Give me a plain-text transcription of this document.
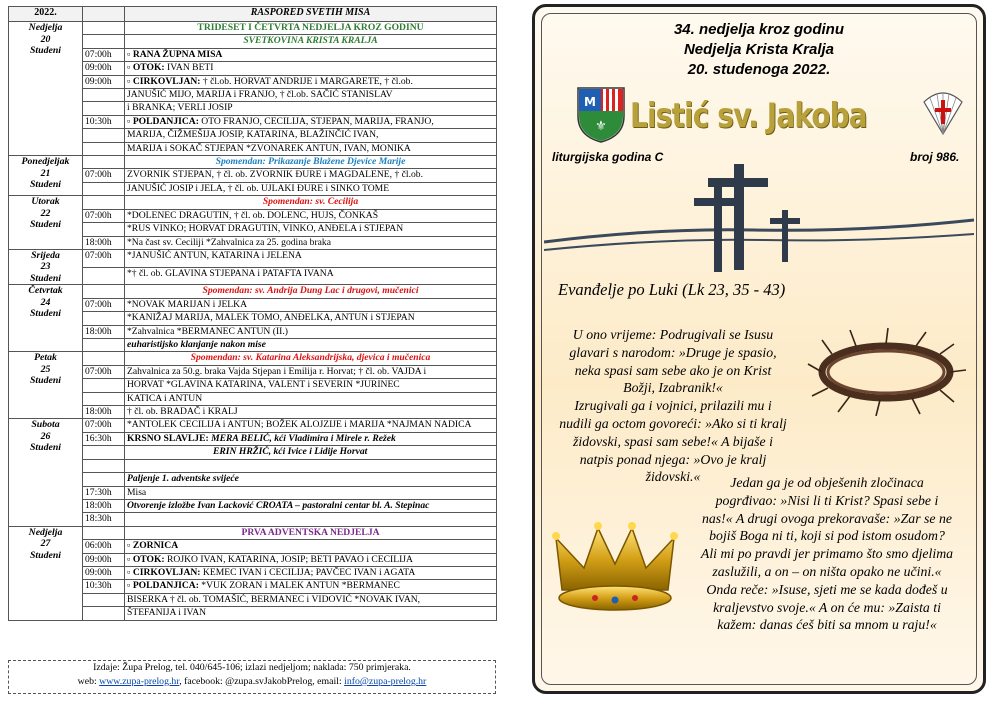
2022.		RASPORED SVETIH MISA

Nedjelja
20
Studeni		TRIDESET I ČETVRTA NEDJELJA KROZ GODINU
		SVETKOVINA KRISTA KRALJA
	07:00h	▫ RANA ŽUPNA MISA
	09:00h	▫ OTOK: IVAN BETI
	09:00h	▫ CIRKOVLJAN: † čl.ob. HORVAT ANDRIJE i MARGARETE, † čl.ob.
		JANUŠIĆ MIJO, MARIJA i FRANJO, † čl.ob. SAČIĆ STANISLAV
		i BRANKA; VERLI JOSIP
	10:30h	▫ POLDANJICA: OTO FRANJO, CECILIJA, STJEPAN, MARIJA, FRANJO,
		MARIJA, ČIŽMEŠIJA JOSIP, KATARINA, BLAŽINČIĆ IVAN,
		MARIJA i SOKAČ STJEPAN *ZVONAREK ANTUN, IVAN, MONIKA

Ponedjeljak
21
Studeni		Spomendan: Prikazanje Blažene Djevice Marije
	07:00h	ZVORNIK STJEPAN, † čl. ob. ZVORNIK ĐURE i MAGDALENE, † čl.ob.
		JANUŠIĆ JOSIP i JELA, † čl. ob. UJLAKI ĐURE i SINKO TOME

Utorak
22
Studeni		Spomendan: sv. Cecilija
	07:00h	*DOLENEC DRAGUTIN, † čl. ob. DOLENC, HUJS, ČONKAŠ
		*RUS VINKO; HORVAT DRAGUTIN, VINKO, ANĐELA i STJEPAN
	18:00h	*Na čast sv. Ceciliji *Zahvalnica za 25. godina braka

Srijeda
23
Studeni	07:00h	*JANUŠIĆ ANTUN, KATARINA i JELENA
		*† čl. ob. GLAVINA STJEPANA i PATAFTA IVANA

Četvrtak
24
Studeni		Spomendan: sv. Andrija Dung Lac i drugovi, mučenici
	07:00h	*NOVAK MARIJAN i JELKA
		*KANIŽAJ MARIJA, MALEK TOMO, ANĐELKA, ANTUN i STJEPAN
	18:00h	*Zahvalnica *BERMANEC ANTUN (II.)
		euharistijsko klanjanje nakon mise

Petak
25
Studeni		Spomendan: sv. Katarina Aleksandrijska, djevica i mučenica
	07:00h	Zahvalnica za 50.g. braka Vajda Stjepan i Emilija r. Horvat; † čl. ob. VAJDA i
		HORVAT *GLAVINA KATARINA, VALENT i SEVERIN *JURINEC
		KATICA i ANTUN
	18:00h	† čl. ob. BRADAČ i KRALJ

Subota
26
Studeni	07:00h	*ANTOLEK CECILIJA i ANTUN; BOŽEK ALOJZIJE i MARIJA *NAJMAN NADICA
	16:30h	KRSNO SLAVLJE: MERA BELIĆ, kći Vladimira i Mirele r. Režek
		ERIN HRŽIĆ, kći Ivice i Lidije Horvat

		Paljenje 1. adventske svijeće
	17:30h	Misa
	18:00h	Otvorenje izložbe Ivan Lacković CROATA – pastoralni centar bl. A. Stepinac
	18:30h	

Nedjelja
27
Studeni		PRVA ADVENTSKA NEDJELJA
	06:00h	▫ ZORNICA
	09:00h	▫ OTOK: ROJKO IVAN, KATARINA, JOSIP; BETI PAVAO i CECILIJA
	09:00h	▫ CIRKOVLJAN: KEMEC IVAN i CECILIJA; PAVČEC IVAN i AGATA
	10:30h	▫ POLDANJICA: *VUK ZORAN i MALEK ANTUN *BERMANEC
		BISERKA † čl. ob. TOMAŠIĆ, BERMANEC i VIDOVIĆ *NOVAK IVAN,
		ŠTEFANIJA i IVAN
Izdaje: Župa Prelog, tel. 040/645-106; izlazi nedjeljom; naklada: 750 primjeraka.
web: www.zupa-prelog.hr, facebook: @zupa.svJakobPrelog, email: info@zupa-prelog.hr
34. nedjelja kroz godinu
Nedjelja Krista Kralja
20. studenoga 2022.
M
⚜ Listić sv. Jakoba
liturgijska godina C	broj 986.
Evanđelje po Luki (Lk 23, 35 - 43)
U ono vrijeme: Podrugivali se Isusu
glavari s narodom: »Druge je spasio,
neka spasi sam sebe ako je on Krist
Božji, Izabranik!«
Izrugivali ga i vojnici, prilazili mu i
nudili ga octom govoreći: »Ako si ti kralj
židovski, spasi sam sebe!« A bijaše i
natpis ponad njega: »Ovo je kralj
židovski.«	Jedan ga je od obješenih zločinaca
pogrđivao: »Nisi li ti Krist? Spasi sebe i
nas!« A drugi ovoga prekoravaše: »Zar se ne
bojiš Boga ni ti, koji si pod istom osudom?
Ali mi po pravdi jer primamo što smo djelima
zaslužili, a on – on ništa opako ne učini.«
Onda reče: »Isuse, sjeti me se kada dođeš u
kraljevstvo svoje.« A on će mu: »Zaista ti
kažem: danas ćeš biti sa mnom u raju!«
